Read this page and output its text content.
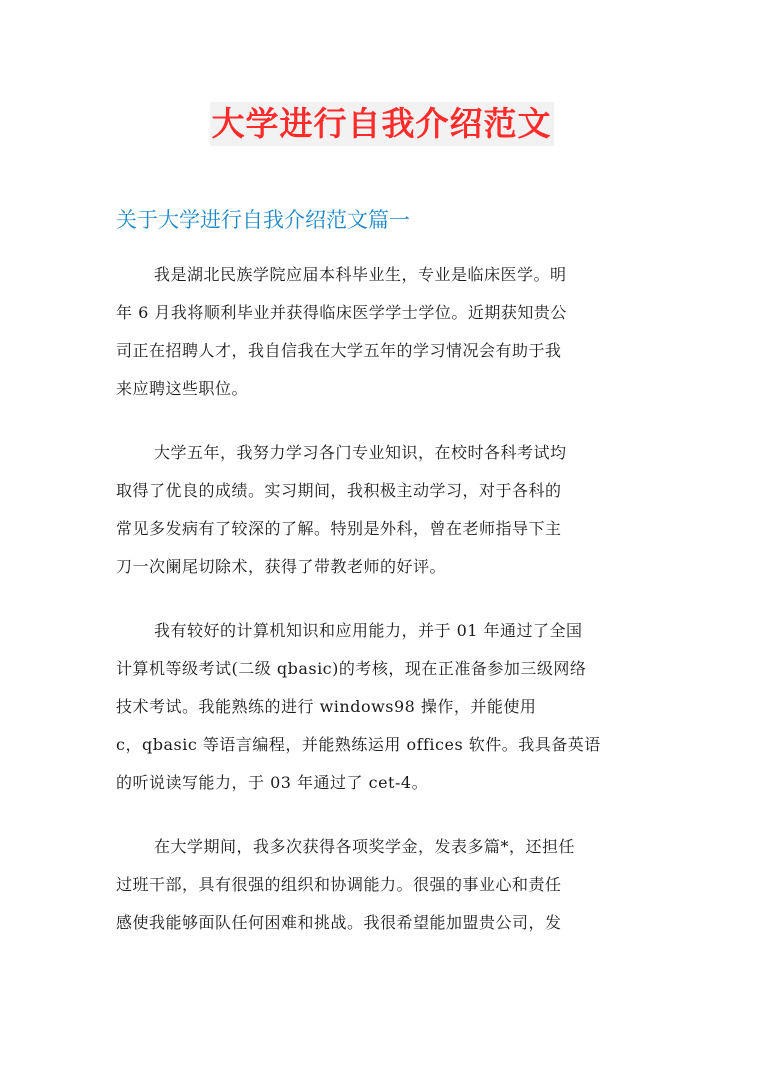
大学进行自我介绍范文
关于大学进行自我介绍范文篇一

我是湖北民族学院应届本科毕业生，专业是临床医学。明
年 6 月我将顺利毕业并获得临床医学学士学位。近期获知贵公
司正在招聘人才，我自信我在大学五年的学习情况会有助于我
来应聘这些职位。

大学五年，我努力学习各门专业知识，在校时各科考试均
取得了优良的成绩。实习期间，我积极主动学习，对于各科的
常见多发病有了较深的了解。特别是外科，曾在老师指导下主
刀一次阑尾切除术，获得了带教老师的好评。

我有较好的计算机知识和应用能力，并于 01 年通过了全国
计算机等级考试(二级 qbasic)的考核，现在正准备参加三级网络
技术考试。我能熟练的进行 windows98 操作，并能使用
c，qbasic 等语言编程，并能熟练运用 offices 软件。我具备英语
的听说读写能力，于 03 年通过了 cet-4。

在大学期间，我多次获得各项奖学金，发表多篇*，还担任
过班干部，具有很强的组织和协调能力。很强的事业心和责任
感使我能够面队任何困难和挑战。我很希望能加盟贵公司，发
